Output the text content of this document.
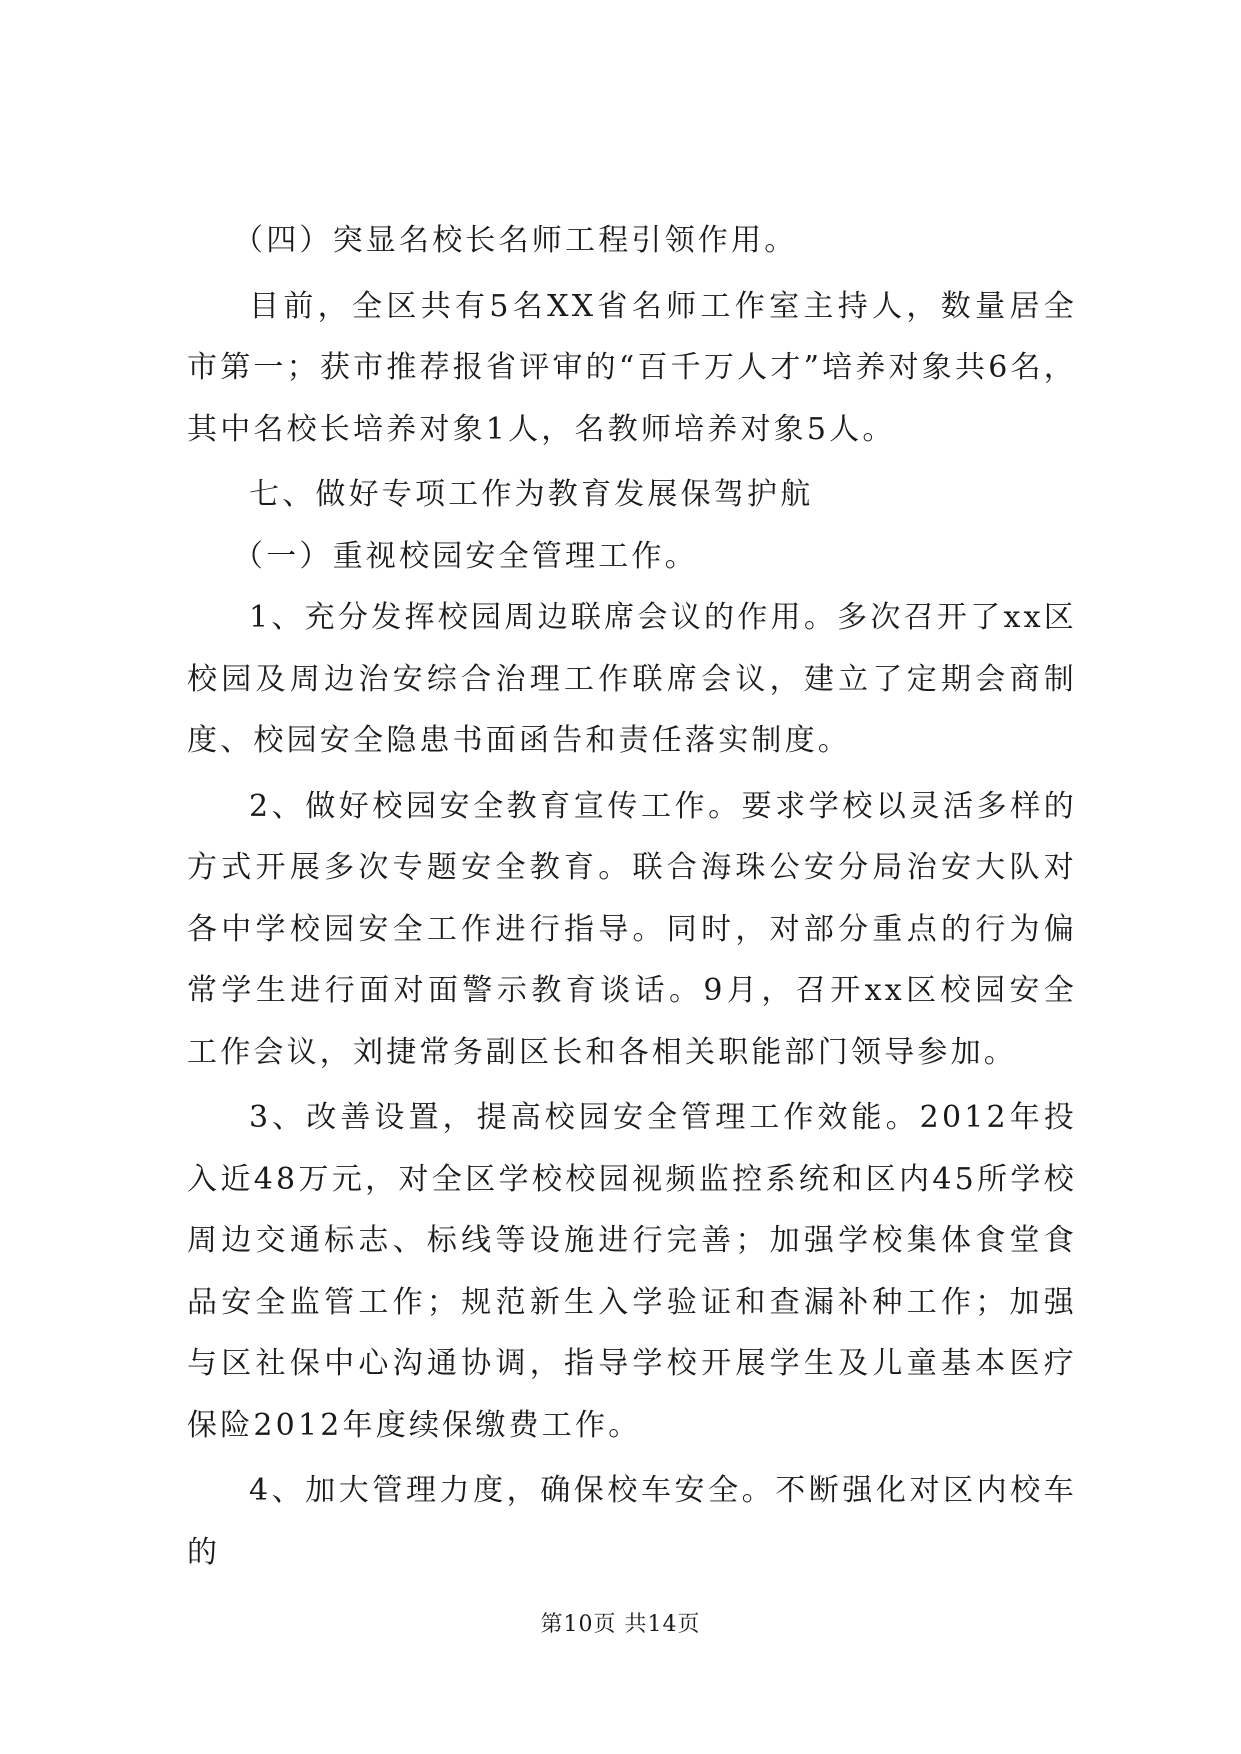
（四）突显名校长名师工程引领作用。

目前，全区共有5名XX省名师工作室主持人，数量居全市第一；获市推荐报省评审的“百千万人才”培养对象共6名，其中名校长培养对象1人，名教师培养对象5人。

七、做好专项工作为教育发展保驾护航

（一）重视校园安全管理工作。

1、充分发挥校园周边联席会议的作用。多次召开了xx区校园及周边治安综合治理工作联席会议，建立了定期会商制度、校园安全隐患书面函告和责任落实制度。

2、做好校园安全教育宣传工作。要求学校以灵活多样的方式开展多次专题安全教育。联合海珠公安分局治安大队对各中学校园安全工作进行指导。同时，对部分重点的行为偏常学生进行面对面警示教育谈话。9月，召开xx区校园安全工作会议，刘捷常务副区长和各相关职能部门领导参加。

3、改善设置，提高校园安全管理工作效能。2012年投入近48万元，对全区学校校园视频监控系统和区内45所学校周边交通标志、标线等设施进行完善；加强学校集体食堂食品安全监管工作；规范新生入学验证和查漏补种工作；加强与区社保中心沟通协调，指导学校开展学生及儿童基本医疗保险2012年度续保缴费工作。

4、加大管理力度，确保校车安全。不断强化对区内校车的

第10页 共14页
